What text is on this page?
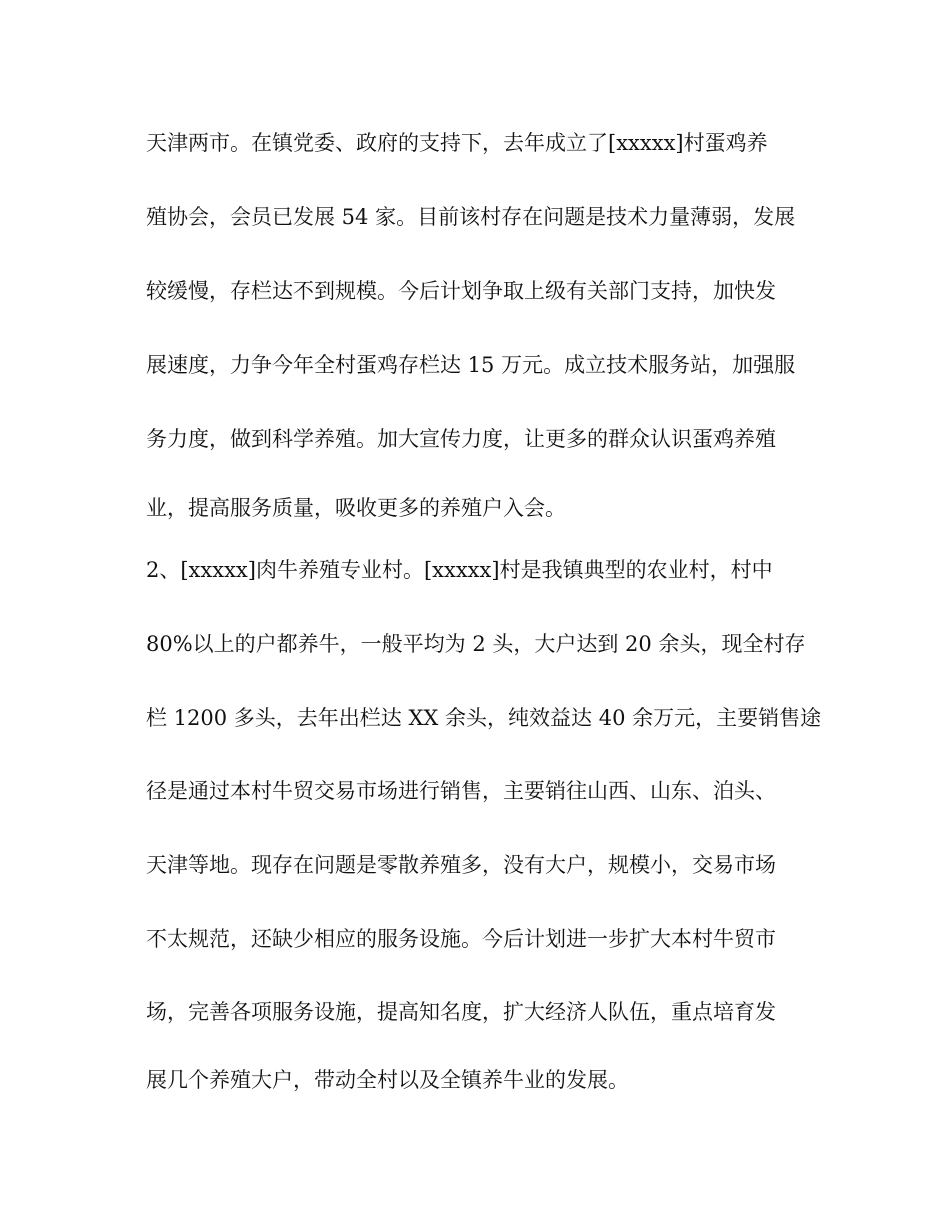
天津两市。在镇党委、政府的支持下，去年成立了[xxxxx]村蛋鸡养
殖协会，会员已发展 54 家。目前该村存在问题是技术力量薄弱，发展
较缓慢，存栏达不到规模。今后计划争取上级有关部门支持，加快发
展速度，力争今年全村蛋鸡存栏达 15 万元。成立技术服务站，加强服
务力度，做到科学养殖。加大宣传力度，让更多的群众认识蛋鸡养殖
业，提高服务质量，吸收更多的养殖户入会。
2、[xxxxx]肉牛养殖专业村。[xxxxx]村是我镇典型的农业村，村中
80%以上的户都养牛，一般平均为 2 头，大户达到 20 余头，现全村存
栏 1200 多头，去年出栏达 XX 余头，纯效益达 40 余万元，主要销售途
径是通过本村牛贸交易市场进行销售，主要销往山西、山东、泊头、
天津等地。现存在问题是零散养殖多，没有大户，规模小，交易市场
不太规范，还缺少相应的服务设施。今后计划进一步扩大本村牛贸市
场，完善各项服务设施，提高知名度，扩大经济人队伍，重点培育发
展几个养殖大户，带动全村以及全镇养牛业的发展。
